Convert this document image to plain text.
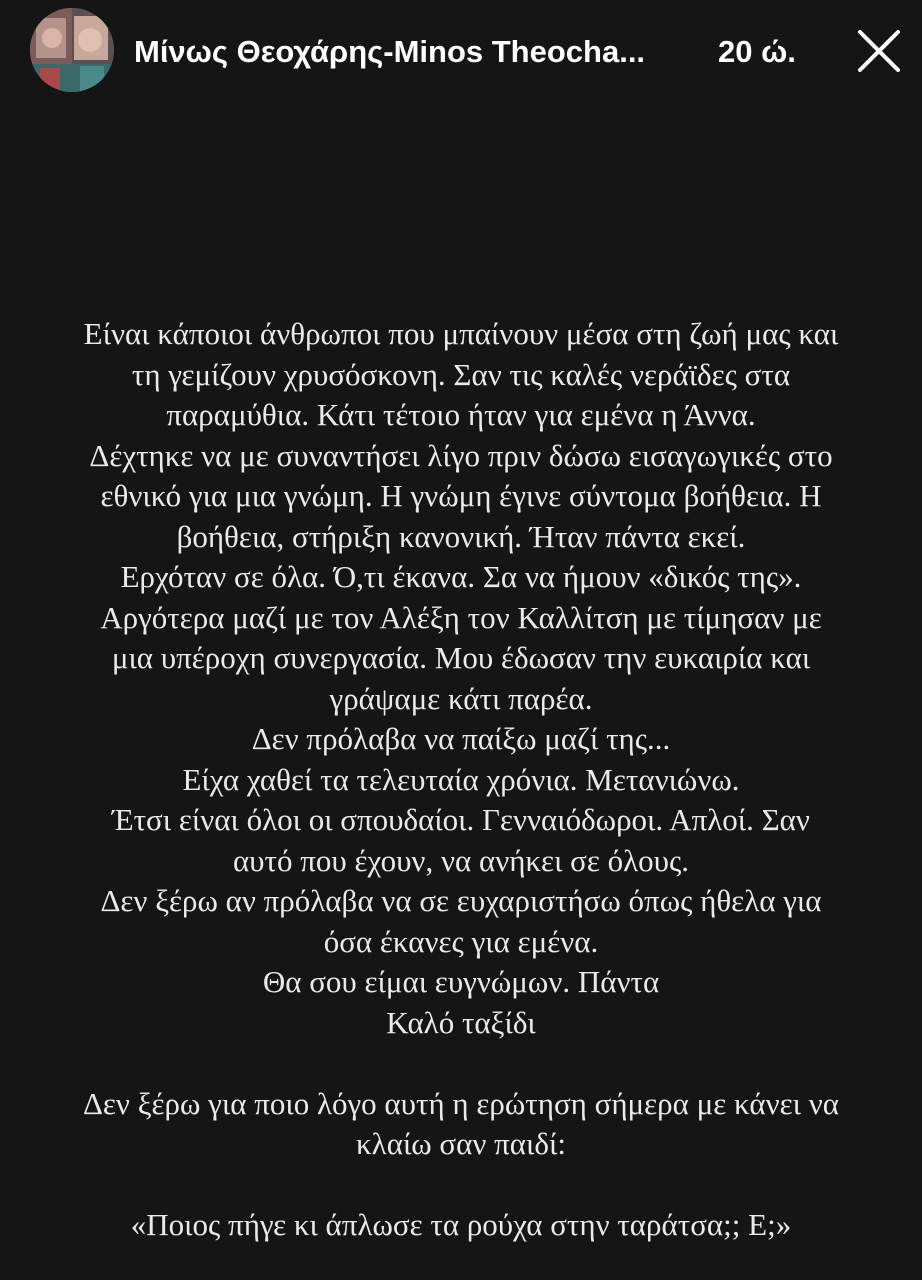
Μίνως Θεοχάρης-Minos Theocha... 20 ώ.
Είναι κάποιοι άνθρωποι που μπαίνουν μέσα στη ζωή μας και
τη γεμίζουν χρυσόσκονη. Σαν τις καλές νεράϊδες στα
παραμύθια. Κάτι τέτοιο ήταν για εμένα η Άννα.
Δέχτηκε να με συναντήσει λίγο πριν δώσω εισαγωγικές στο
εθνικό για μια γνώμη. Η γνώμη έγινε σύντομα βοήθεια. Η
βοήθεια, στήριξη κανονική. Ήταν πάντα εκεί.
Ερχόταν σε όλα. Ό,τι έκανα. Σα να ήμουν «δικός της».
Αργότερα μαζί με τον Αλέξη τον Καλλίτση με τίμησαν με
μια υπέροχη συνεργασία. Μου έδωσαν την ευκαιρία και
γράψαμε κάτι παρέα.
Δεν πρόλαβα να παίξω μαζί της...
Είχα χαθεί τα τελευταία χρόνια. Μετανιώνω.
Έτσι είναι όλοι οι σπουδαίοι. Γενναιόδωροι. Απλοί. Σαν
αυτό που έχουν, να ανήκει σε όλους.
Δεν ξέρω αν πρόλαβα να σε ευχαριστήσω όπως ήθελα για
όσα έκανες για εμένα.
Θα σου είμαι ευγνώμων. Πάντα
Καλό ταξίδι
Δεν ξέρω για ποιο λόγο αυτή η ερώτηση σήμερα με κάνει να
κλαίω σαν παιδί:
«Ποιος πήγε κι άπλωσε τα ρούχα στην ταράτσα;; Ε;»
